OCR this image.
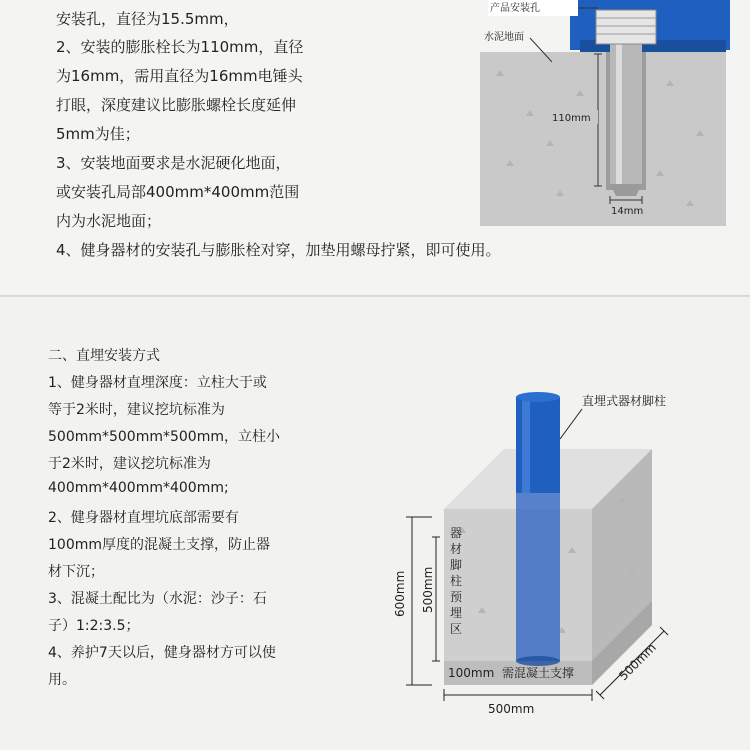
安装孔，直径为15.5mm，
2、安装的膨胀栓长为110mm，直径
为16mm，需用直径为16mm电锤头
打眼，深度建议比膨胀螺栓长度延伸
5mm为佳；
3、安装地面要求是水泥硬化地面，
或安装孔局部400mm*400mm范围
内为水泥地面；
4、健身器材的安装孔与膨胀栓对穿，加垫用螺母拧紧，即可使用。
产品安装孔
水泥地面
110mm
14mm
二、直埋安装方式
1、健身器材直埋深度：立柱大于或
等于2米时，建议挖坑标准为
500mm*500mm*500mm，立柱小
于2米时，建议挖坑标准为
400mm*400mm*400mm;
2、健身器材直埋坑底部需要有
100mm厚度的混凝土支撑，防止器
材下沉；
3、混凝土配比为（水泥：沙子：石
子）1:2:3.5；
4、养护7天以后，健身器材方可以使
用。
直埋式器材脚柱
器
材
脚
柱
预
埋
区
600mm 500mm
100mm 需混凝土支撑
500mm
500mm
